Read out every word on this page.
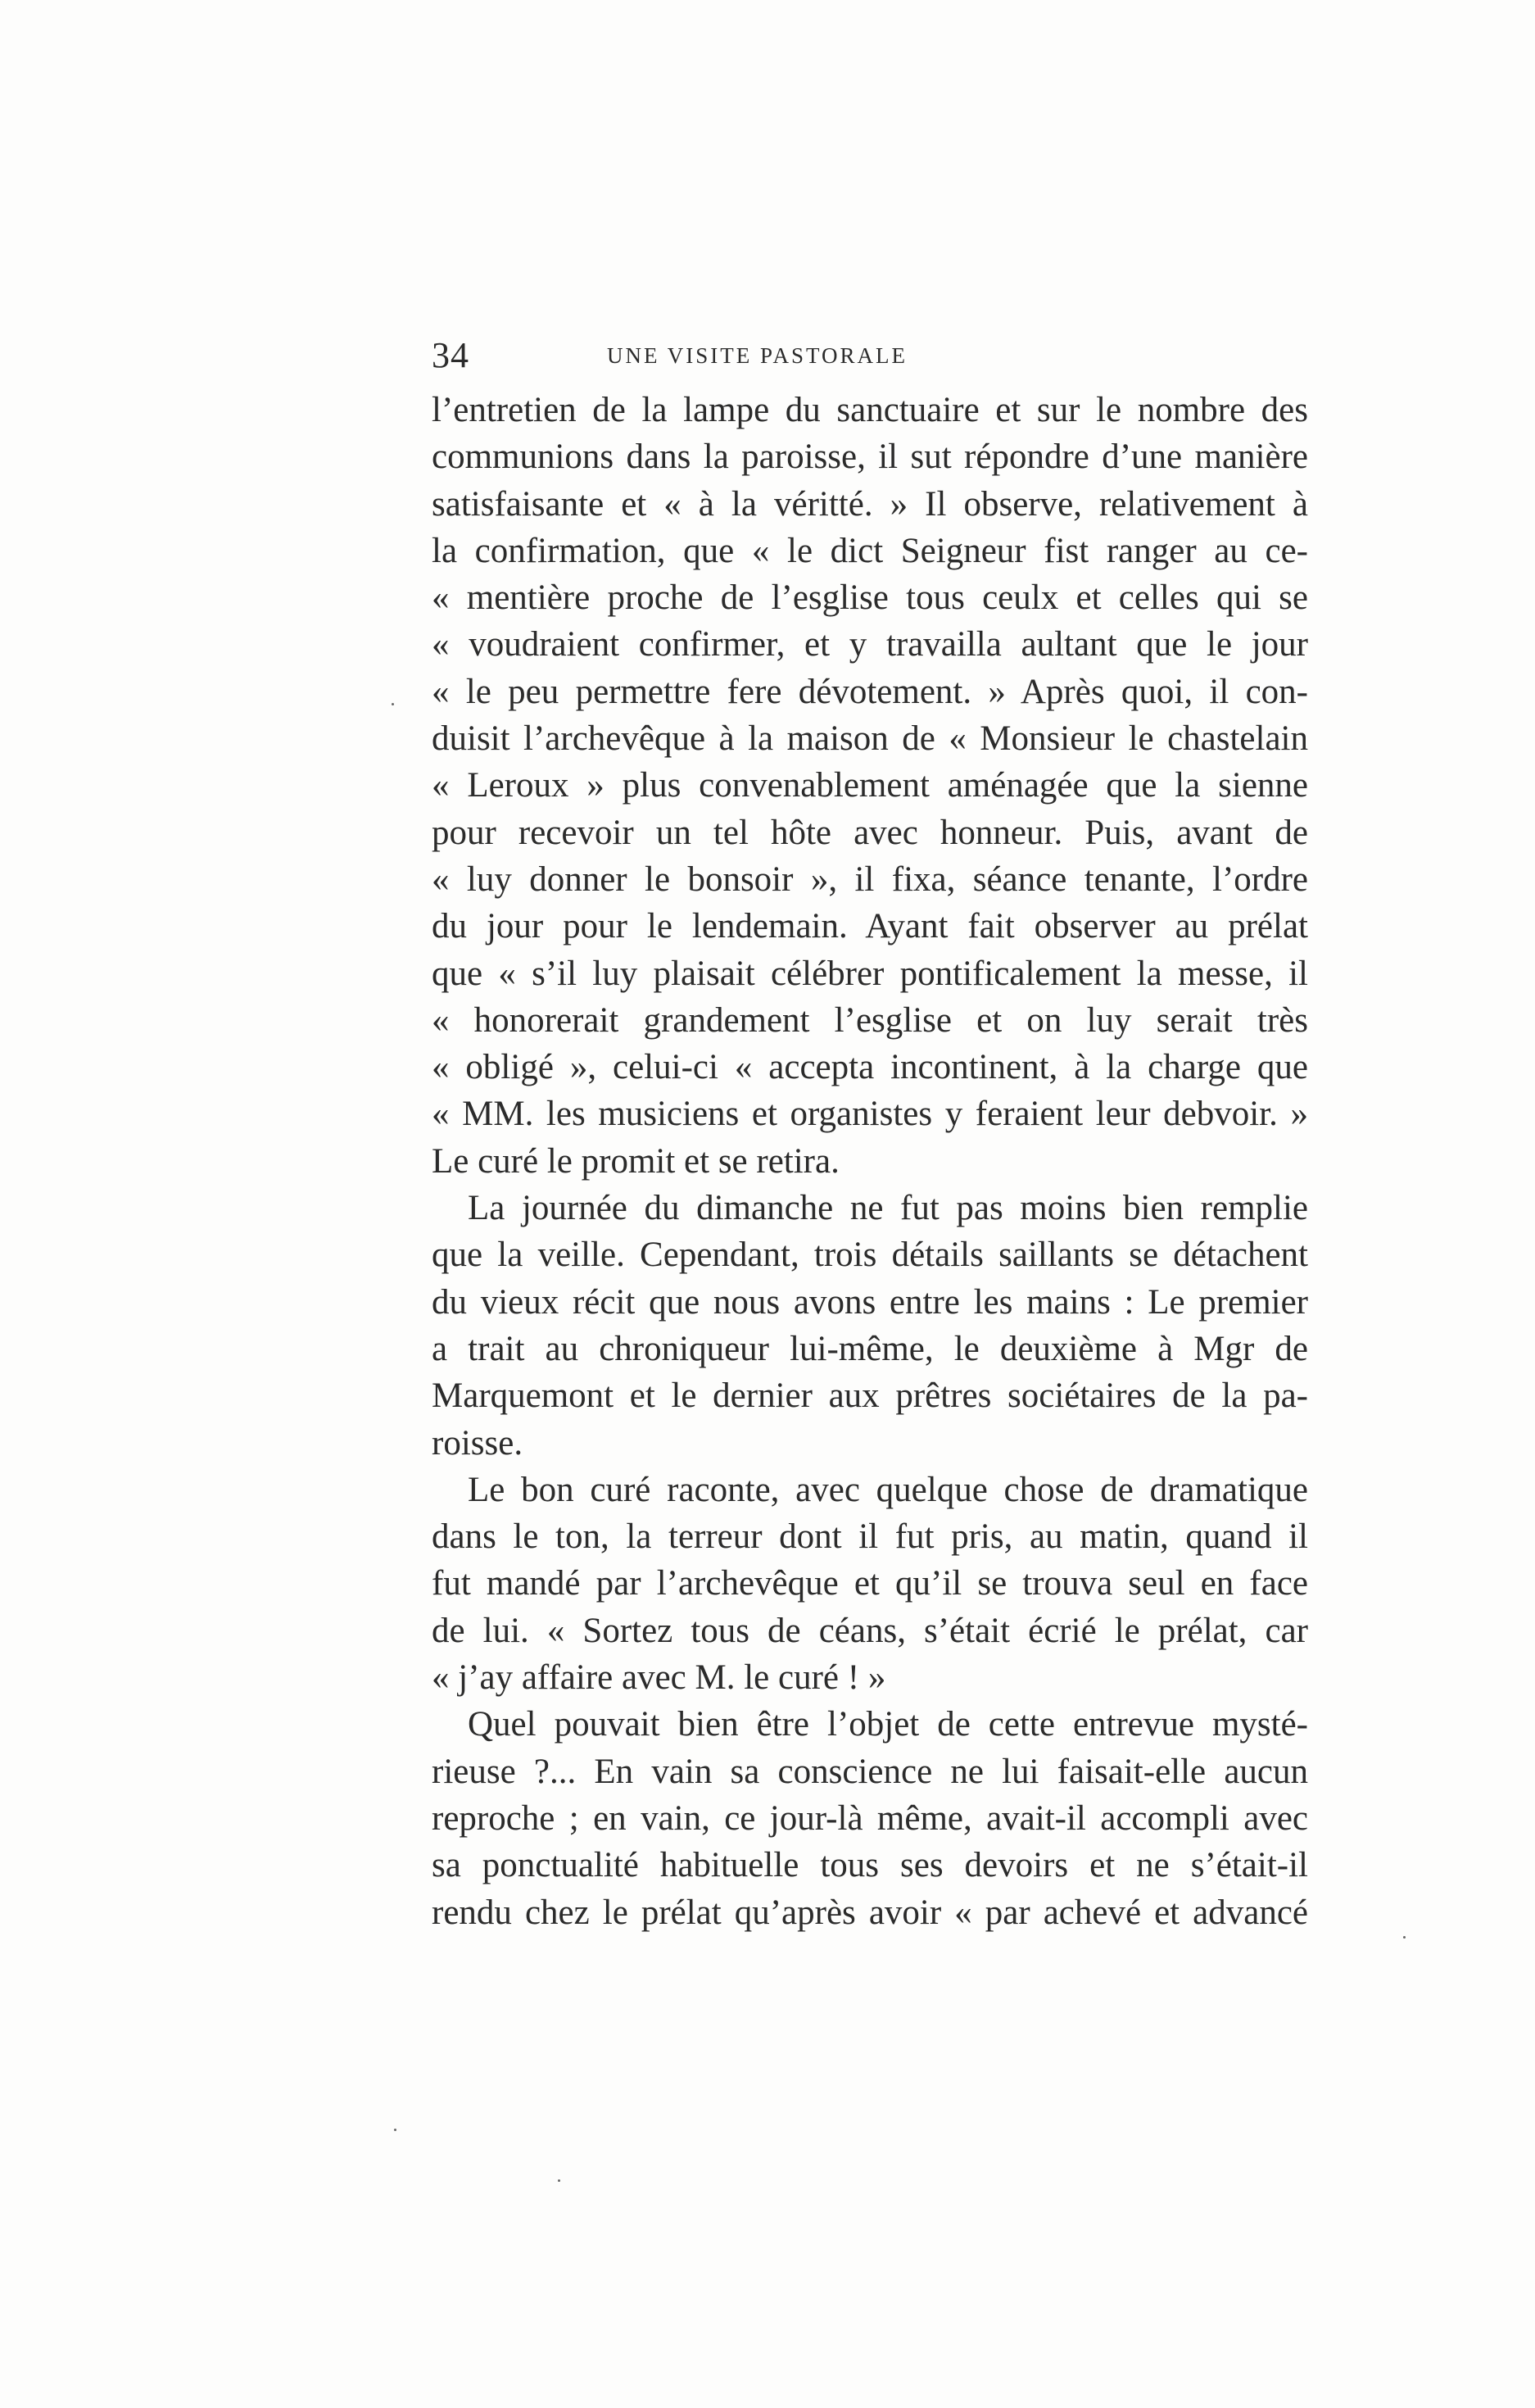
34	UNE VISITE PASTORALE
l’entretien de la lampe du sanctuaire et sur le nombre des
communions dans la paroisse, il sut répondre d’une manière
satisfaisante et « à la véritté. » Il observe, relativement à
la confirmation, que « le dict Seigneur fist ranger au ce-
« mentière proche de l’esglise tous ceulx et celles qui se
« voudraient confirmer, et y travailla aultant que le jour
« le peu permettre fere dévotement. » Après quoi, il con-
duisit l’archevêque à la maison de « Monsieur le chastelain
« Leroux » plus convenablement aménagée que la sienne
pour recevoir un tel hôte avec honneur. Puis, avant de
« luy donner le bonsoir », il fixa, séance tenante, l’ordre
du jour pour le lendemain. Ayant fait observer au prélat
que « s’il luy plaisait célébrer pontificalement la messe, il
« honorerait grandement l’esglise et on luy serait très
« obligé », celui-ci « accepta incontinent, à la charge que
« MM. les musiciens et organistes y feraient leur debvoir. »
Le curé le promit et se retira.
La journée du dimanche ne fut pas moins bien remplie
que la veille. Cependant, trois détails saillants se détachent
du vieux récit que nous avons entre les mains : Le premier
a trait au chroniqueur lui-même, le deuxième à Mgr de
Marquemont et le dernier aux prêtres sociétaires de la pa-
roisse.
Le bon curé raconte, avec quelque chose de dramatique
dans le ton, la terreur dont il fut pris, au matin, quand il
fut mandé par l’archevêque et qu’il se trouva seul en face
de lui. « Sortez tous de céans, s’était écrié le prélat, car
« j’ay affaire avec M. le curé ! »
Quel pouvait bien être l’objet de cette entrevue mysté-
rieuse ?... En vain sa conscience ne lui faisait-elle aucun
reproche ; en vain, ce jour-là même, avait-il accompli avec
sa ponctualité habituelle tous ses devoirs et ne s’était-il
rendu chez le prélat qu’après avoir « par achevé et advancé
